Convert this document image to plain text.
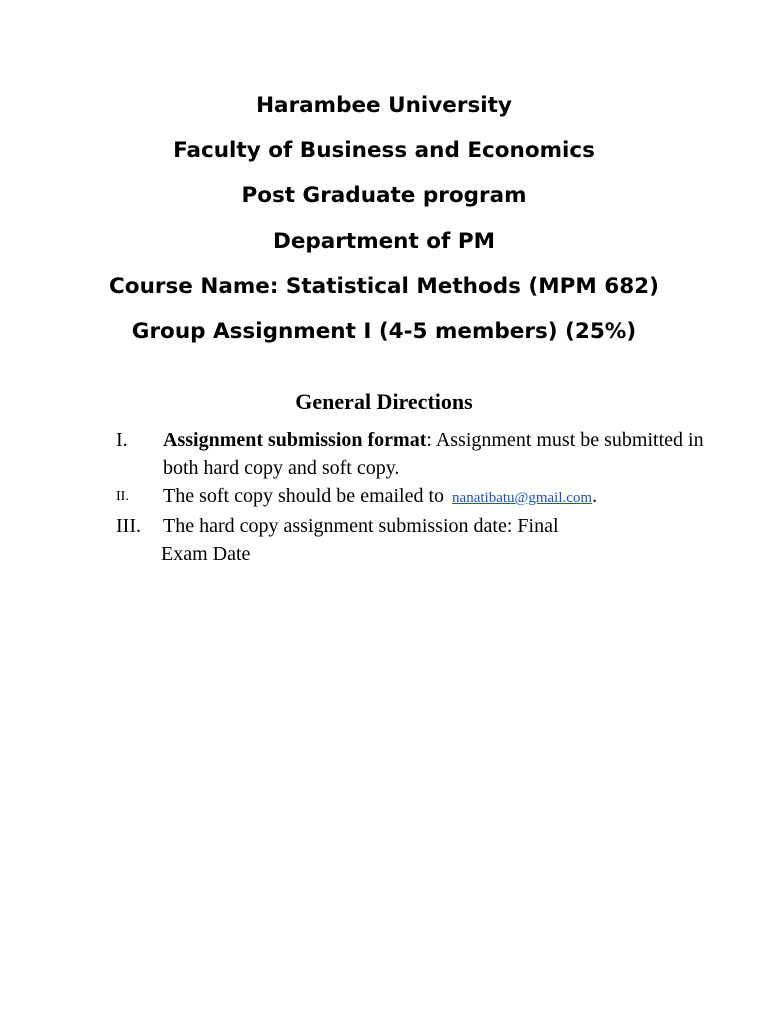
Harambee University
Faculty of Business and Economics
Post Graduate program
Department of PM
Course Name: Statistical Methods (MPM 682)
Group Assignment I (4-5 members) (25%)
General Directions
I. Assignment submission format: Assignment must be submitted in both hard copy and soft copy.
II. The soft copy should be emailed to nanatibatu@gmail.com.
III. The hard copy assignment submission date: Final
Exam Date
